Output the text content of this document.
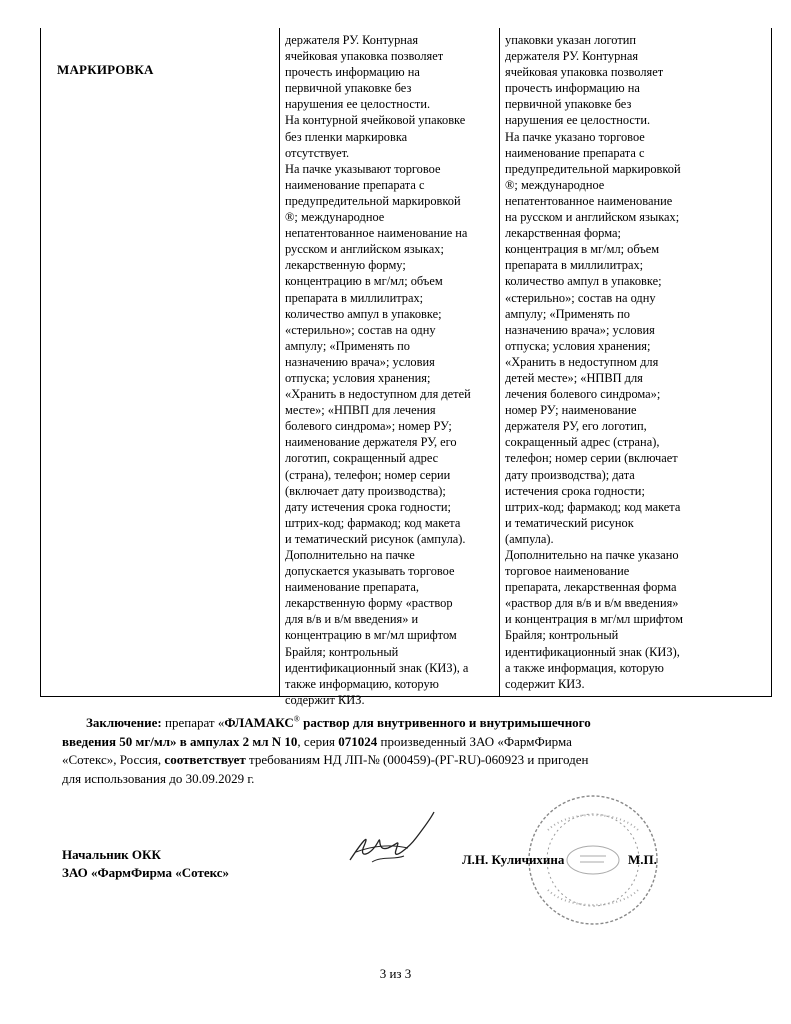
МАРКИРОВКА

держателя РУ. Контурная

ячейковая упаковка позволяет

прочесть информацию на

первичной упаковке без

нарушения ее целостности.

На контурной ячейковой упаковке

без пленки маркировка

отсутствует.

На пачке указывают торговое

наименование препарата с

предупредительной маркировкой

®; международное

непатентованное наименование на

русском и английском языках;

лекарственную форму;

концентрацию в мг/мл; объем

препарата в миллилитрах;

количество ампул в упаковке;

«стерильно»; состав на одну

ампулу; «Применять по

назначению врача»; условия

отпуска; условия хранения;

«Хранить в недоступном для детей

месте»; «НПВП для лечения

болевого синдрома»; номер РУ;

наименование держателя РУ, его

логотип, сокращенный адрес

(страна), телефон; номер серии

(включает дату производства);

дату истечения срока годности;

штрих-код; фармакод; код макета

и тематический рисунок (ампула).

Дополнительно на пачке

допускается указывать торговое

наименование препарата,

лекарственную форму «раствор

для в/в и в/м введения» и

концентрацию в мг/мл шрифтом

Брайля; контрольный

идентификационный знак (КИЗ), а

также информацию, которую

содержит КИЗ.

упаковки указан логотип

держателя РУ. Контурная

ячейковая упаковка позволяет

прочесть информацию на

первичной упаковке без

нарушения ее целостности.

На пачке указано торговое

наименование препарата с

предупредительной маркировкой

®; международное

непатентованное наименование

на русском и английском языках;

лекарственная форма;

концентрация в мг/мл; объем

препарата в миллилитрах;

количество ампул в упаковке;

«стерильно»; состав на одну

ампулу; «Применять по

назначению врача»; условия

отпуска; условия хранения;

«Хранить в недоступном для

детей месте»; «НПВП для

лечения болевого синдрома»;

номер РУ; наименование

держателя РУ, его логотип,

сокращенный адрес (страна),

телефон; номер серии (включает

дату производства); дата

истечения срока годности;

штрих-код; фармакод; код макета

и тематический рисунок

(ампула).

Дополнительно на пачке указано

торговое наименование

препарата, лекарственная форма

«раствор для в/в и в/м введения»

и концентрация в мг/мл шрифтом

Брайля; контрольный

идентификационный знак (КИЗ),

а также информация, которую

содержит КИЗ.

Заключение: препарат «ФЛАМАКС® раствор для внутривенного и внутримышечного

введения 50 мг/мл» в ампулах 2 мл N 10, серия 071024 произведенный ЗАО «ФармФирма

«Сотекс», Россия, соответствует требованиям НД ЛП-№ (000459)-(РГ-RU)-060923 и пригоден

для использования до 30.09.2029 г.

Начальник ОКК
ЗАО «ФармФирма «Сотекс»
Л.Н. Куличихина	М.П.
3 из 3
